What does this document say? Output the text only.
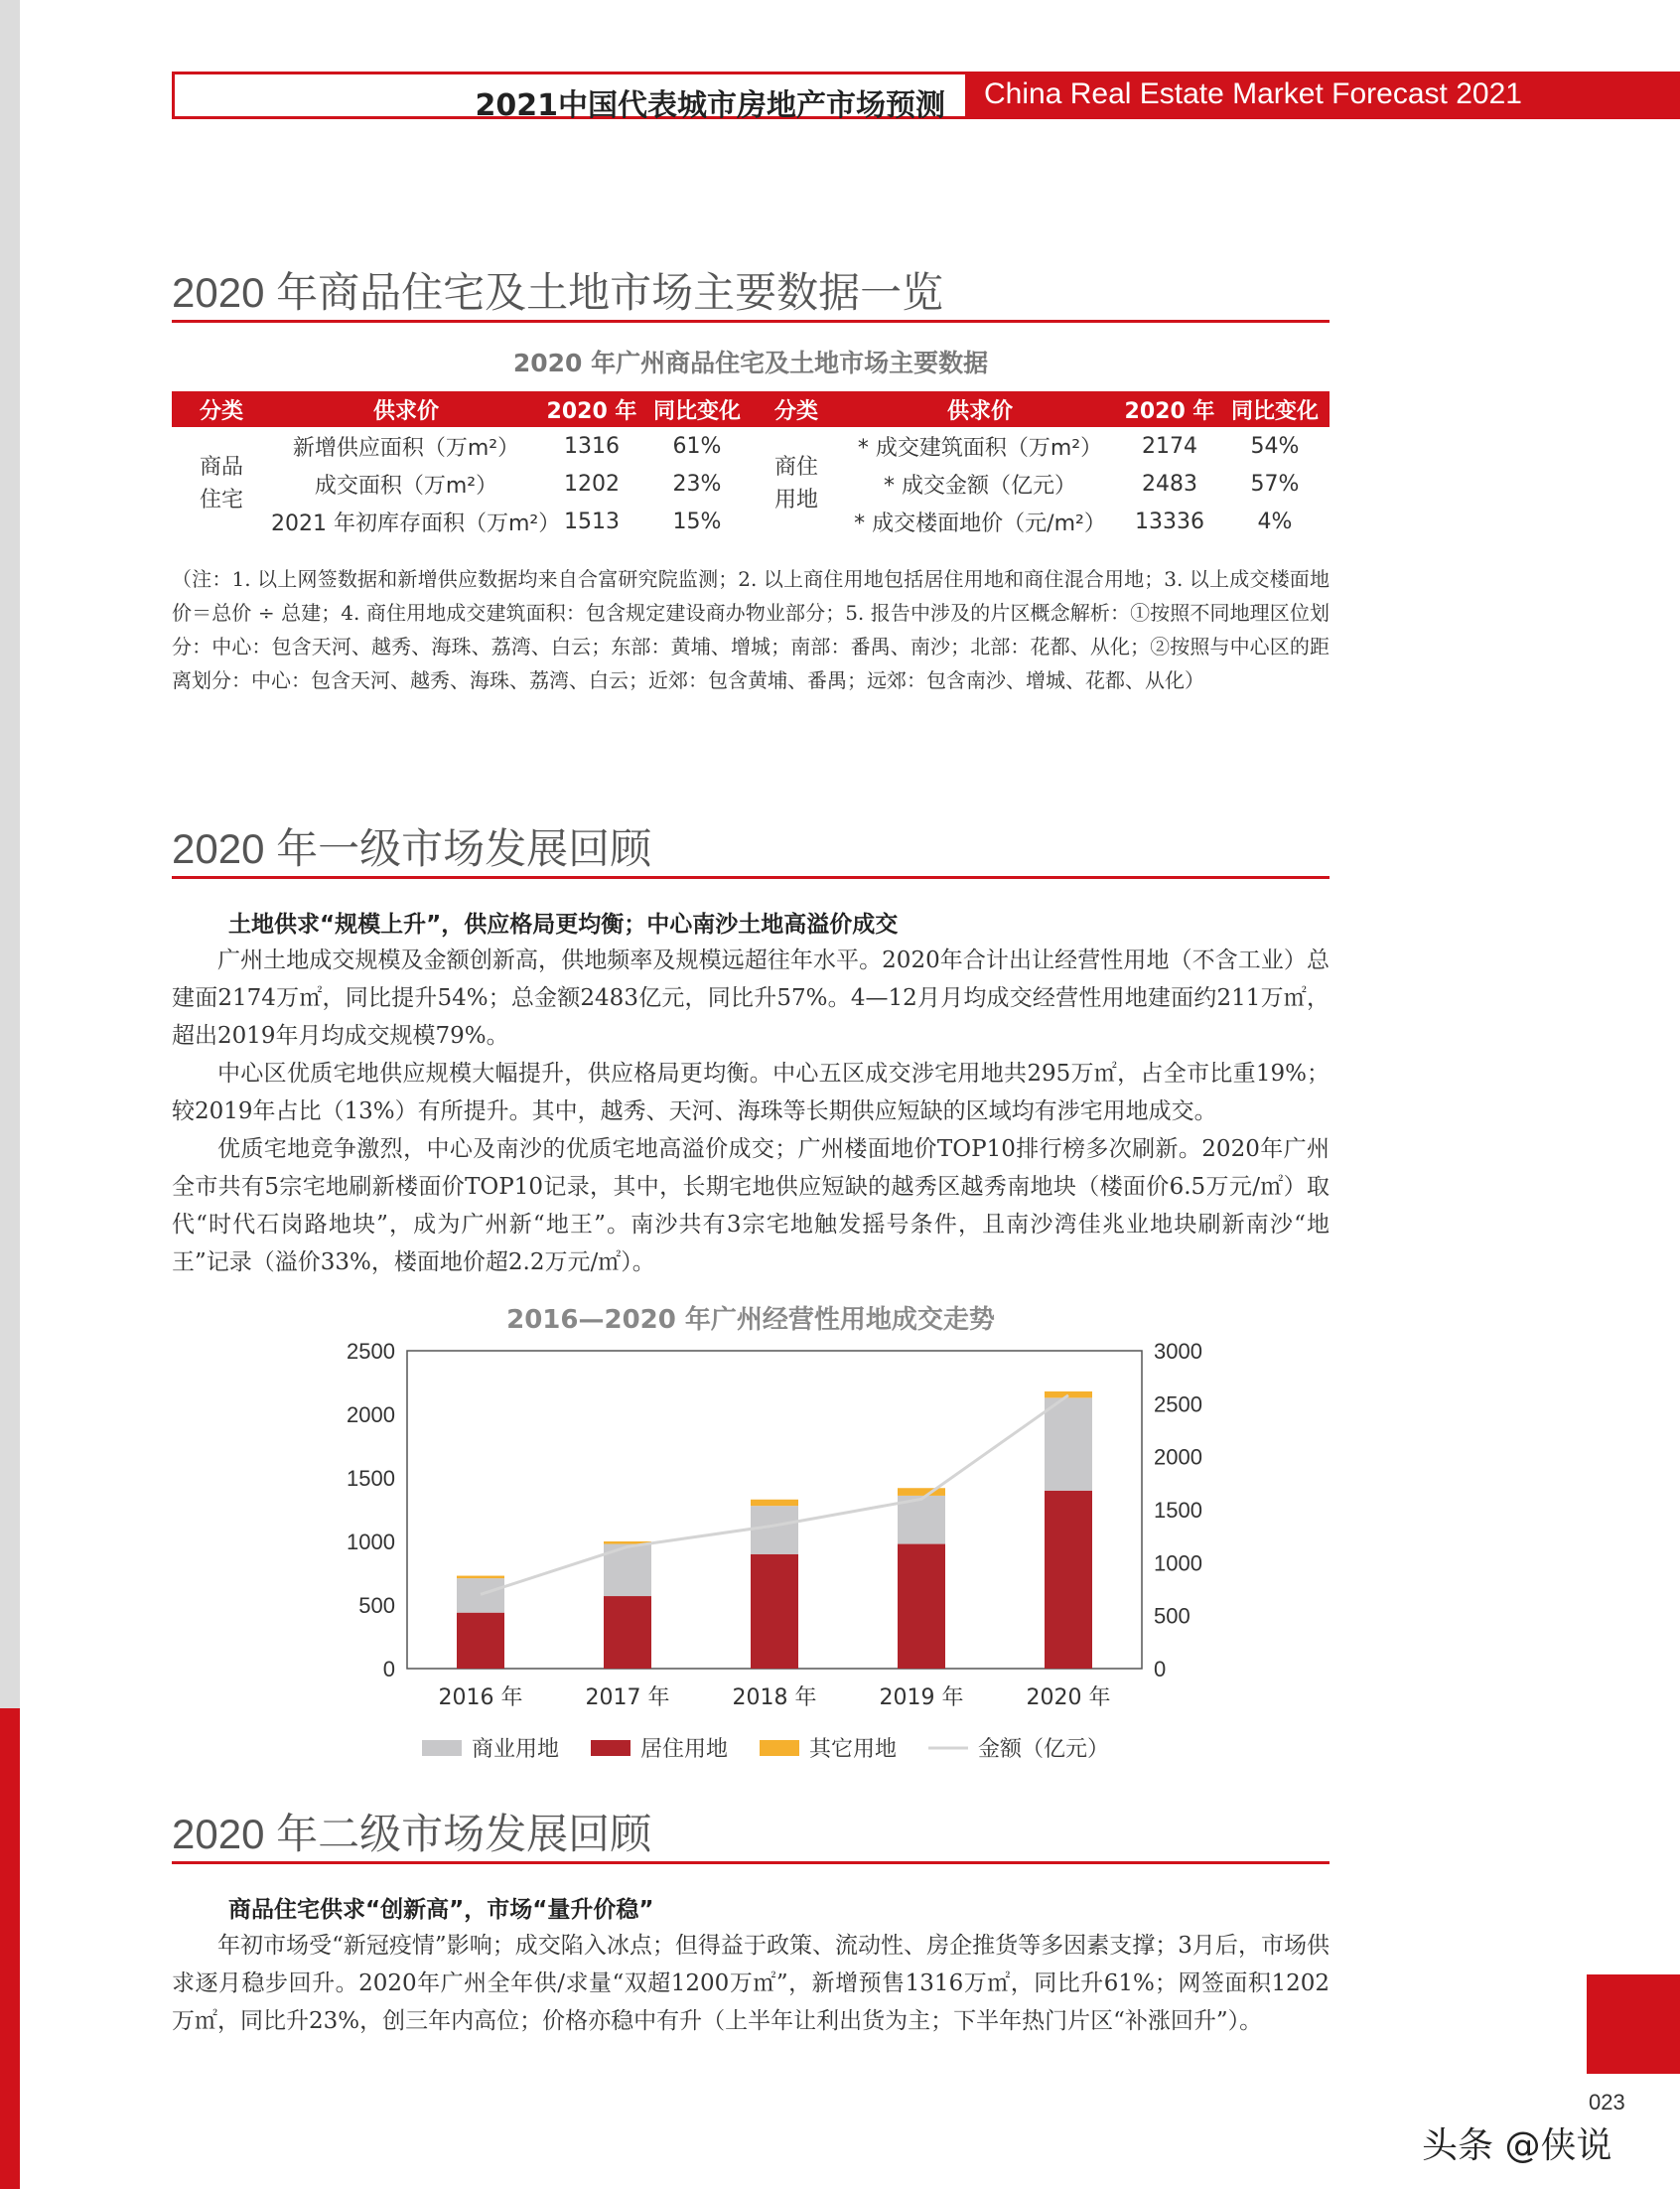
2021中国代表城市房地产市场预测 China Real Estate Market Forecast 2021
2020 年商品住宅及土地市场主要数据一览
2020 年广州商品住宅及土地市场主要数据
分类	供求价	2020 年	同比变化	分类	供求价	2020 年	同比变化
商品住宅	新增供应面积（万m²）	1316	61%	商住用地	* 成交建筑面积（万m²）	2174	54%
	成交面积（万m²）	1202	23%		* 成交金额（亿元）	2483	57%
	2021 年初库存面积（万m²）	1513	15%		* 成交楼面地价（元/m²）	13336	4%
（注：1. 以上网签数据和新增供应数据均来自合富研究院监测；2. 以上商住用地包括居住用地和商住混合用地；3. 以上成交楼面地价＝总价 ÷ 总建；4. 商住用地成交建筑面积：包含规定建设商办物业部分；5. 报告中涉及的片区概念解析：①按照不同地理区位划分：中心：包含天河、越秀、海珠、荔湾、白云；东部：黄埔、增城；南部：番禺、南沙；北部：花都、从化；②按照与中心区的距离划分：中心：包含天河、越秀、海珠、荔湾、白云；近郊：包含黄埔、番禺；远郊：包含南沙、增城、花都、从化）
2020 年一级市场发展回顾
土地供求“规模上升”，供应格局更均衡；中心南沙土地高溢价成交

广州土地成交规模及金额创新高，供地频率及规模远超往年水平。2020年合计出让经营性用地（不含工业）总建面2174万㎡，同比提升54%；总金额2483亿元，同比升57%。4—12月月均成交经营性用地建面约211万㎡，超出2019年月均成交规模79%。

中心区优质宅地供应规模大幅提升，供应格局更均衡。中心五区成交涉宅用地共295万㎡，占全市比重19%；较2019年占比（13%）有所提升。其中，越秀、天河、海珠等长期供应短缺的区域均有涉宅用地成交。

优质宅地竞争激烈，中心及南沙的优质宅地高溢价成交；广州楼面地价TOP10排行榜多次刷新。2020年广州全市共有5宗宅地刷新楼面价TOP10记录，其中，长期宅地供应短缺的越秀区越秀南地块（楼面价6.5万元/㎡）取代“时代石岗路地块”，成为广州新“地王”。南沙共有3宗宅地触发摇号条件，且南沙湾佳兆业地块刷新南沙“地王”记录（溢价33%，楼面地价超2.2万元/㎡）。

2016—2020 年广州经营性用地成交走势
0
500
1000
1500
2000
2500
0
500
1000
1500
2000
2500
3000
2016 年	2017 年	2018 年	2019 年	2020 年
商业用地	居住用地	其它用地	金额（亿元）
2020 年二级市场发展回顾
商品住宅供求“创新高”，市场“量升价稳”

年初市场受“新冠疫情”影响；成交陷入冰点；但得益于政策、流动性、房企推货等多因素支撑；3月后，市场供求逐月稳步回升。2020年广州全年供/求量“双超1200万㎡”，新增预售1316万㎡，同比升61%；网签面积1202万㎡，同比升23%，创三年内高位；价格亦稳中有升（上半年让利出货为主；下半年热门片区“补涨回升”）。

023
头条 @侠说
